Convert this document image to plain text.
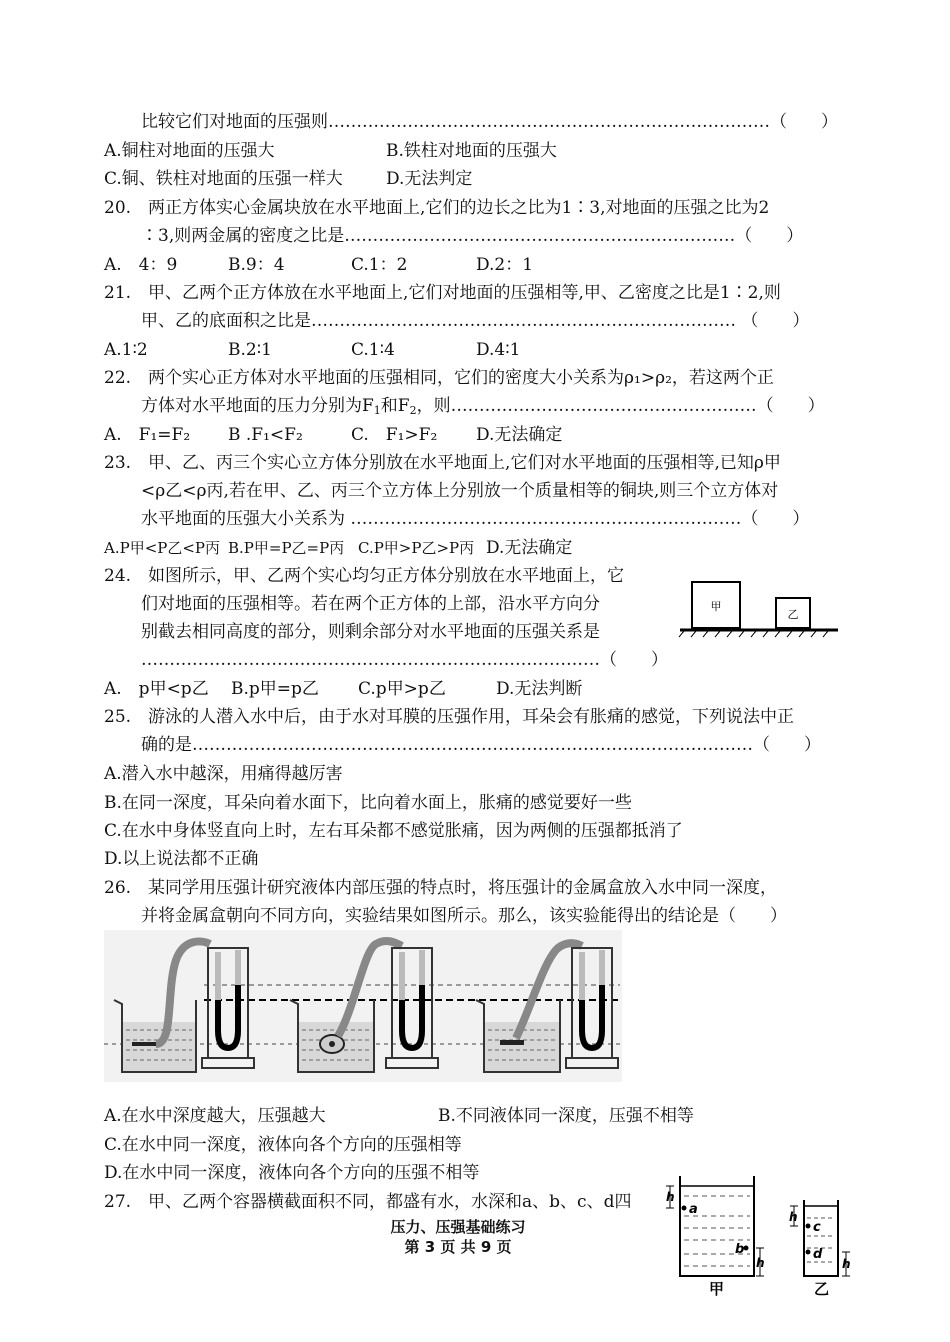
比较它们对地面的压强则……………………………………………………………………（　　）
A.铜柱对地面的压强大	B.铁柱对地面的压强大
C.铜、铁柱对地面的压强一样大	D.无法判定
20.　两正方体实心金属块放在水平地面上,它们的边长之比为1∶3,对地面的压强之比为2
∶3,则两金属的密度之比是……………………………………………………………（　　）
A.　4：9	B.9：4	C.1：2	D.2：1
21.　甲、乙两个正方体放在水平地面上,它们对地面的压强相等,甲、乙密度之比是1∶2,则
甲、乙的底面积之比是………………………………………………………………… （　　）
A.1∶2	B.2∶1	C.1∶4	D.4∶1
22.　两个实心正方体对水平地面的压强相同，它们的密度大小关系为ρ₁>ρ₂，若这两个正
方体对水平地面的压力分别为$F_1$和$F_2$，则………………………………………………（　　）
A.　F₁=F₂ B .F₁<F₂	C.　F₁>F₂ D.无法确定
23.　甲、乙、丙三个实心立方体分别放在水平地面上,它们对水平地面的压强相等,已知ρ甲
<ρ乙<ρ丙,若在甲、乙、丙三个立方体上分别放一个质量相等的铜块,则三个立方体对
水平地面的压强大小关系为 ……………………………………………………………（　　）
A.P甲<P乙<P丙 B.P甲=P乙=P丙 C.P甲>P乙>P丙 D.无法确定
24.　如图所示，甲、乙两个实心均匀正方体分别放在水平地面上，它
们对地面的压强相等。若在两个正方体的上部，沿水平方向分
别截去相同高度的部分，则剩余部分对水平地面的压强关系是
………………………………………………………………………（　　）
A.　p甲<p乙 B.p甲=p乙 C.p甲>p乙	D.无法判断
甲
乙
25.　游泳的人潜入水中后，由于水对耳膜的压强作用，耳朵会有胀痛的感觉，下列说法中正
确的是………………………………………………………………………………………（　　）
A.潜入水中越深，用痛得越厉害
B.在同一深度，耳朵向着水面下，比向着水面上，胀痛的感觉要好一些
C.在水中身体竖直向上时，左右耳朵都不感觉胀痛，因为两侧的压强都抵消了
D.以上说法都不正确
26.　某同学用压强计研究液体内部压强的特点时，将压强计的金属盒放入水中同一深度，
并将金属盒朝向不同方向，实验结果如图所示。那么，该实验能得出的结论是（　　）
A.在水中深度越大，压强越大	B.不同液体同一深度，压强不相等
C.在水中同一深度，液体向各个方向的压强相等
D.在水中同一深度，液体向各个方向的压强不相等
27.　甲、乙两个容器横截面积不同，都盛有水，水深和a、b、c、d四	a
b
h
h
甲
c
d
h
h
乙
压力、压强基础练习
第 3 页 共 9 页
